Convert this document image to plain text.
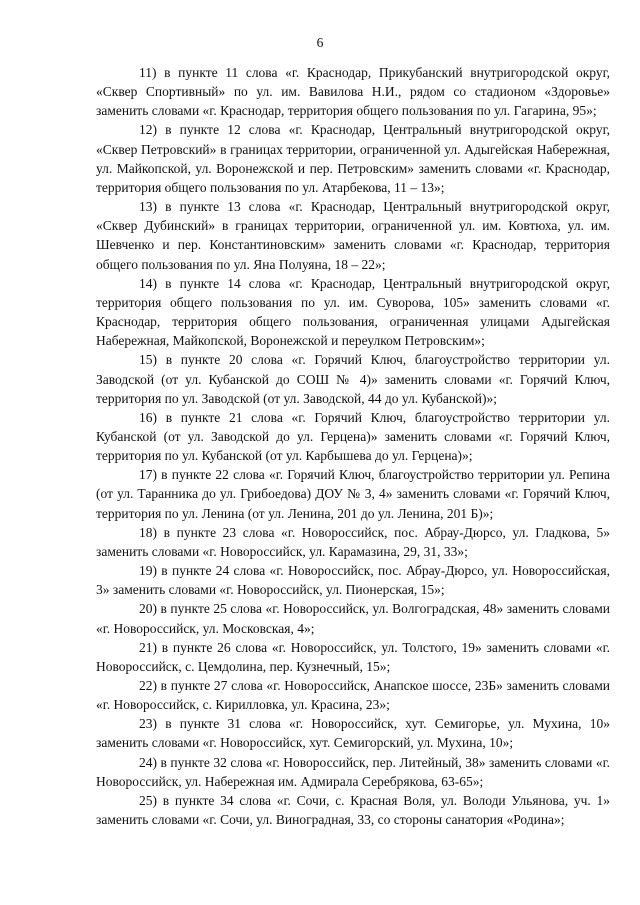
6

11) в пункте 11 слова «г. Краснодар, Прикубанский внутригородской округ, «Сквер Спортивный» по ул. им. Вавилова Н.И., рядом со стадионом «Здоровье» заменить словами «г. Краснодар, территория общего пользования по ул. Гагарина, 95»;

12) в пункте 12 слова «г. Краснодар, Центральный внутригородской округ, «Сквер Петровский» в границах территории, ограниченной ул. Адыгейская Набережная, ул. Майкопской, ул. Воронежской и пер. Петровским» заменить словами «г. Краснодар, территория общего пользования по ул. Атарбекова, 11 – 13»;

13) в пункте 13 слова «г. Краснодар, Центральный внутригородской округ, «Сквер Дубинский» в границах территории, ограниченной ул. им. Ковтюха, ул. им. Шевченко и пер. Константиновским» заменить словами «г. Краснодар, территория общего пользования по ул. Яна Полуяна, 18 – 22»;

14) в пункте 14 слова «г. Краснодар, Центральный внутригородской округ, территория общего пользования по ул. им. Суворова, 105» заменить словами «г. Краснодар, территория общего пользования, ограниченная улицами Адыгейская Набережная, Майкопской, Воронежской и переулком Петровским»;

15) в пункте 20 слова «г. Горячий Ключ, благоустройство территории ул. Заводской (от ул. Кубанской до СОШ № 4)» заменить словами «г. Горячий Ключ, территория по ул. Заводской (от ул. Заводской, 44 до ул. Кубанской)»;

16) в пункте 21 слова «г. Горячий Ключ, благоустройство территории ул. Кубанской (от ул. Заводской до ул. Герцена)» заменить словами «г. Горячий Ключ, территория по ул. Кубанской (от ул. Карбышева до ул. Герцена)»;

17) в пункте 22 слова «г. Горячий Ключ, благоустройство территории ул. Репина (от ул. Таранника до ул. Грибоедова) ДОУ № 3, 4» заменить словами «г. Горячий Ключ, территория по ул. Ленина (от ул. Ленина, 201 до ул. Ленина, 201 Б)»;

18) в пункте 23 слова «г. Новороссийск, пос. Абрау-Дюрсо, ул. Гладкова, 5» заменить словами «г. Новороссийск, ул. Карамазина, 29, 31, 33»;

19) в пункте 24 слова «г. Новороссийск, пос. Абрау-Дюрсо, ул. Новороссийская, 3» заменить словами «г. Новороссийск, ул. Пионерская, 15»;

20) в пункте 25 слова «г. Новороссийск, ул. Волгоградская, 48» заменить словами «г. Новороссийск, ул. Московская, 4»;

21) в пункте 26 слова «г. Новороссийск, ул. Толстого, 19» заменить словами «г. Новороссийск, с. Цемдолина, пер. Кузнечный, 15»;

22) в пункте 27 слова «г. Новороссийск, Анапское шоссе, 23Б» заменить словами «г. Новороссийск, с. Кирилловка, ул. Красина, 23»;

23) в пункте 31 слова «г. Новороссийск, хут. Семигорье, ул. Мухина, 10» заменить словами «г. Новороссийск, хут. Семигорский, ул. Мухина, 10»;

24) в пункте 32 слова «г. Новороссийск, пер. Литейный, 38» заменить словами «г. Новороссийск, ул. Набережная им. Адмирала Серебрякова, 63-65»;

25) в пункте 34 слова «г. Сочи, с. Красная Воля, ул. Володи Ульянова, уч. 1» заменить словами «г. Сочи, ул. Виноградная, 33, со стороны санатория «Родина»;
